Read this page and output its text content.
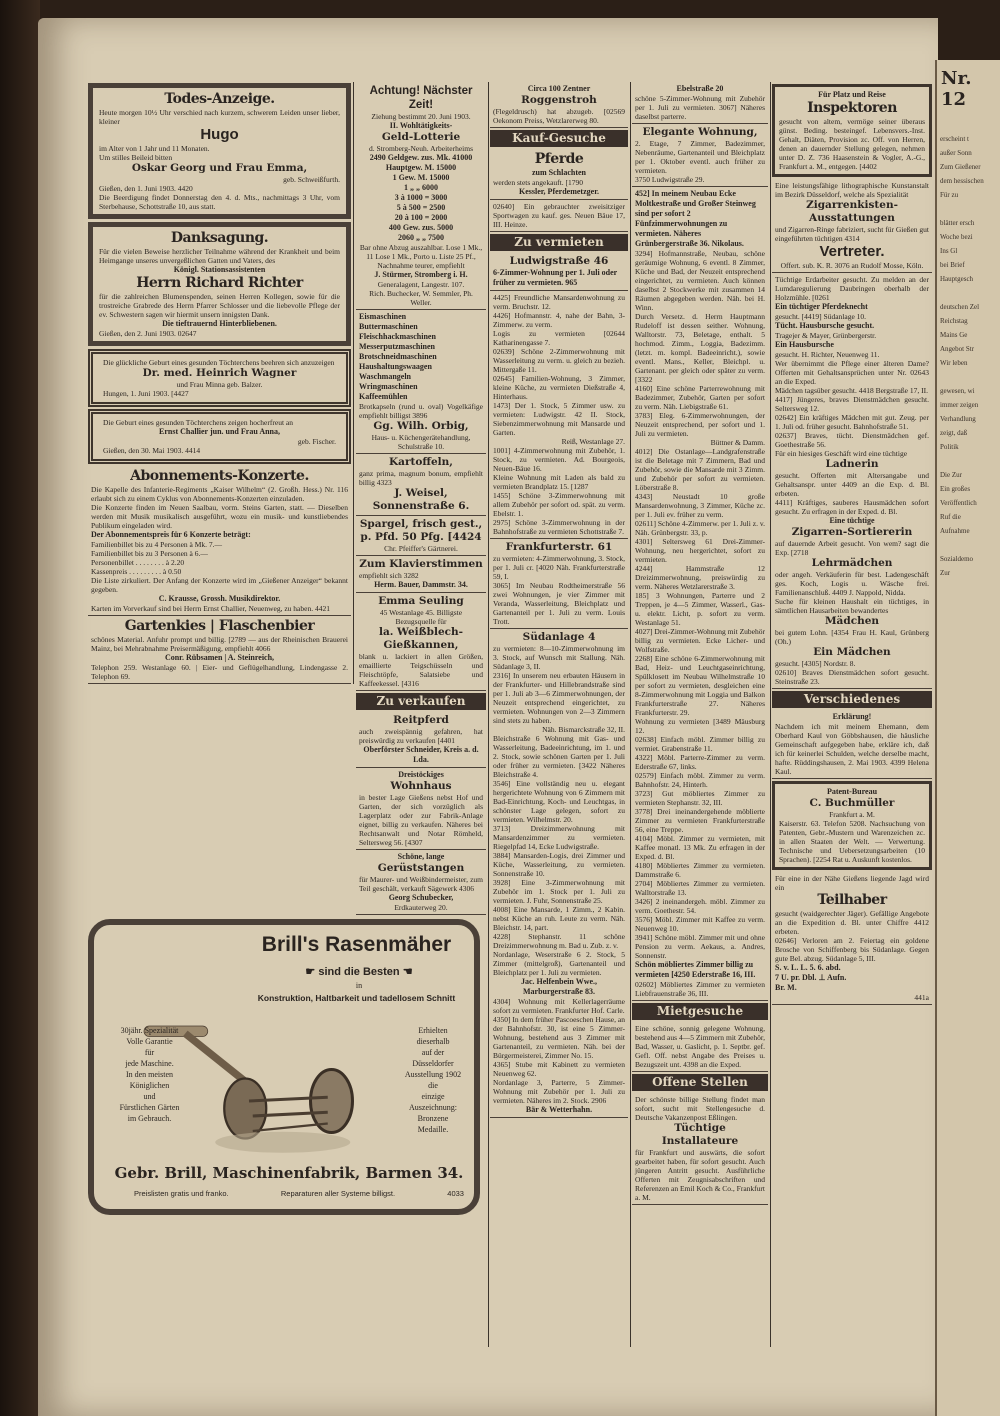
Nr. 12
erscheint t
außer Sonn
Zum Gießener
dem hessischen
Für zu
blätter ersch
Woche bezi
Ins Gl
bei Brief
Hauptgesch
deutschen Zel
Reichstag
Mains Ge
Angebot Str
Wir leben
gewesen, wi
immer zeigen
Verhandlung
zeigt, daß
Politik
Die Zur
Ein großes
Veröffentlich
Ruf die
Aufnahme
Sozialdemo
Zur
Todes-Anzeige.
Heute morgen 10½ Uhr verschied nach kurzem, schwerem Leiden unser lieber, kleiner
Hugo
im Alter von 1 Jahr und 11 Monaten.
Um stilles Beileid bitten
Oskar Georg und Frau Emma,
geb. Schweißfurth.
Gießen, den 1. Juni 1903. 4420
Die Beerdigung findet Donnerstag den 4. d. Mts., nachmittags 3 Uhr, vom Sterbehause, Schottstraße 10, aus statt.
Danksagung.
Für die vielen Beweise herzlicher Teilnahme während der Krankheit und beim Heimgange unseres unvergeßlichen Gatten und Vaters, des
Königl. Stationsassistenten
Herrn Richard Richter
für die zahlreichen Blumenspenden, seinen Herren Kollegen, sowie für die trostreiche Grabrede des Herrn Pfarrer Schlosser und die liebevolle Pflege der ev. Schwestern sagen wir hiermit unsern innigsten Dank.
Die tieftrauernd Hinterbliebenen.
Gießen, den 2. Juni 1903. 02647
Die glückliche Geburt eines gesunden Töchterchens beehren sich anzuzeigen
Dr. med. Heinrich Wagner
und Frau Minna geb. Balzer.
Hungen, 1. Juni 1903. [4427
Die Geburt eines gesunden Töchterchens zeigen hocherfreut an
Ernst Challier jun. und Frau Anna,
geb. Fischer.
Gießen, den 30. Mai 1903. 4414
Abonnements-Konzerte.
Die Kapelle des Infanterie-Regiments „Kaiser Wilhelm“ (2. Großh. Hess.) Nr. 116 erlaubt sich zu einem Cyklus von Abonnements-Konzerten einzuladen.
Die Konzerte finden im Neuen Saalbau, vorm. Steins Garten, statt. — Dieselben werden mit Musik musikalisch ausgeführt, wozu ein musik- und kunstliebendes Publikum eingeladen wird.
Der Abonnementspreis für 6 Konzerte beträgt:
Familienbillet bis zu 4 Personen à Mk. 7.—
Familienbillet bis zu 3 Personen à 6.—
Personenbillet . . . . . . . . à 2.20
Kassenpreis . . . . . . . . . à 0.50
Die Liste zirkuliert. Der Anfang der Konzerte wird im „Gießener Anzeiger“ bekannt gegeben.
C. Krausse, Grossh. Musikdirektor.
Karten im Vorverkauf sind bei Herrn Ernst Challier, Neuenweg, zu haben. 4421
Gartenkies | Flaschenbier
schönes Material. Anfuhr prompt und billig. [2789 — aus der Rheinischen Brauerei Mainz, bei Mehrabnahme Preisermäßigung, empfiehlt 4066
Conr. Rübsamen | A. Steinreich,
Telephon 259. Westanlage 60. | Eier- und Geflügelhandlung, Lindengasse 2. Telephon 69.
Achtung! Nächster Zeit!
Ziehung bestimmt 20. Juni 1903.
II. Wohltätigkeits-
Geld-Lotterie
d. Stromberg-Neuh. Arbeiterheims
2490 Geldgew. zus. Mk. 41000
Hauptgew. M. 15000
1 Gew. M. 15000
1 „ „ 6000
3 à 1000 = 3000
5 à 500 = 2500
20 à 100 = 2000
400 Gew. zus. 5000
2060 „ „ 7500
Bar ohne Abzug auszahlbar. Lose 1 Mk., 11 Lose 1 Mk., Porto u. Liste 25 Pf., Nachnahme teurer, empfiehlt
J. Stürmer, Stromberg i. H.
Generalagent, Langestr. 107.
Rich. Buchecker, W. Semmler, Ph. Weller.
Eismaschinen
Buttermaschinen
Fleischhackmaschinen
Messerputzmaschinen
Brotschneidmaschinen
Haushaltungswaagen
Waschmangeln
Wringmaschinen
Kaffeemühlen
Brotkapseln (rund u. oval) Vogelkäfige empfiehlt billigst 3896
Gg. Wilh. Orbig,
Haus- u. Küchengerätehandlung, Schulstraße 10.
Kartoffeln,
ganz prima, magnum bonum, empfiehlt billig 4323
J. Weisel, Sonnenstraße 6.
Spargel, frisch gest., p. Pfd. 50 Pfg. [4424
Chr. Pfeiffer's Gärtnerei.
Zum Klavierstimmen
empfiehlt sich 3282
Herm. Bauer, Dammstr. 34.
Emma Seuling
45 Westanlage 45. Billigste Bezugsquelle für
la. Weißblech-Gießkannen,
blank u. lackiert in allen Größen, emaillierte Teigschüsseln und Fleischtöpfe, Salatsiebe und Kaffeekessel. [4316
Zu verkaufen
Reitpferd
auch zweispännig gefahren, hat preiswürdig zu verkaufen [4401
Oberförster Schneider, Kreis a. d. Lda.
Dreistöckiges
Wohnhaus
in bester Lage Gießens nebst Hof und Garten, der sich vorzüglich als Lagerplatz oder zur Fabrik-Anlage eignet, billig zu verkaufen. Näheres bei Rechtsanwalt und Notar Römheld, Seltersweg 56. [4307
Schöne, lange
Gerüststangen
für Maurer- und Weißbindermeister, zum Teil geschält, verkauft Sägewerk 4306
Georg Schubecker,
Erdkauterweg 20.
Brill's Rasenmäher
☛ sind die Besten ☚
in
Konstruktion, Haltbarkeit und tadellosem Schnitt
30jähr. Spezialität
Volle Garantie
für
jede Maschine.
In den meisten
Königlichen
und
Fürstlichen Gärten
im Gebrauch.
Erhielten
dieserhalb
auf der
Düsseldorfer
Ausstellung 1902
die
einzige
Auszeichnung:
Bronzene
Medaille.
Gebr. Brill, Maschinenfabrik, Barmen 34.
Preislisten gratis und franko.	Reparaturen aller Systeme billigst.	4033
Circa 100 Zentner
Roggenstroh
(Flegeldrusch) hat abzugeb. [02569 Oekonom Preiss, Wetzlarerweg 80.
Kauf-Gesuche
Pferde
zum Schlachten
werden stets angekauft. [1790
Kessler, Pferdemetzger.
02640] Ein gebrauchter zweisitziger Sportwagen zu kauf. ges. Neuen Bäue 17, III. Heinze.
Zu vermieten
Ludwigstraße 46
6-Zimmer-Wohnung per 1. Juli oder früher zu vermieten. 965
4425] Freundliche Mansardenwohnung zu verm. Bruchstr. 12.
4426] Hofmannstr. 4, nahe der Bahn, 3-Zimmerw. zu verm.
Logis zu vermieten [02644 Katharinengasse 7.
02639] Schöne 2-Zimmerwohnung mit Wasserleitung zu verm. u. gleich zu bezieh. Mittergaße 11.
02645] Familien-Wohnung, 3 Zimmer, kleine Küche, zu vermieten Dießstraße 4, Hinterhaus.
1473] Der 1. Stock, 5 Zimmer usw. zu vermieten: Ludwigstr. 42 II. Stock, Siebenzimmerwohnung mit Mansarde und Garten.
Reiß, Westanlage 27.
1001] 4-Zimmerwohnung mit Zubehör, 1. Stock, zu vermieten. Ad. Bourgeois, Neuen-Bäue 16.
Kleine Wohnung mit Laden als bald zu vermieten Brandplatz 15. [1287
1455] Schöne 3-Zimmerwohnung mit allem Zubehör per sofort od. spät. zu verm. Ebelstr. 1.
2975] Schöne 3-Zimmerwohnung in der Bahnhofstraße zu vermieten Schottstraße 7.
Frankfurterstr. 61
zu vermieten: 4-Zimmerwohnung, 3. Stock, per 1. Juli cr. [4020 Näh. Frankfurterstraße 59, I.
3065] Im Neubau Rodtheimerstraße 56 zwei Wohnungen, je vier Zimmer mit Veranda, Wasserleitung, Bleichplatz und Gartenanteil per 1. Juli zu verm. Louis Trott.
Südanlage 4
zu vermieten: 8—10-Zimmerwohnung im 3. Stock, auf Wunsch mit Stallung. Näh. Südanlage 3, II.
2316] In unserem neu erbauten Häusern in der Frankfurter- und Hillebrandstraße sind per 1. Juli ab 3—6 Zimmerwohnungen, der Neuzeit entsprechend eingerichtet, zu vermieten. Wohnungen von 2—3 Zimmern sind stets zu haben.
Näh. Bismarckstraße 32, II.
Bleichstraße 6 Wohnung mit Gas- und Wasserleitung, Badeeinrichtung, im 1. und 2. Stock, sowie schönen Garten per 1. Juli oder früher zu vermieten. [3422 Näheres Bleichstraße 4.
3546] Eine vollständig neu u. elegant hergerichtete Wohnung von 6 Zimmern mit Bad-Einrichtung, Koch- und Leuchtgas, in schönster Lage gelegen, sofort zu vermieten. Wilhelmstr. 20.
3713] Dreizimmerwohnung mit Mansardenzimmer zu vermieten. Riegelpfad 14, Ecke Ludwigstraße.
3884] Mansarden-Logis, drei Zimmer und Küche, Wasserleitung, zu vermieten. Sonnenstraße 10.
3928] Eine 3-Zimmerwohnung mit Zubehör im 1. Stock per 1. Juli zu vermieten. J. Fuhr, Sonnenstraße 25.
4008] Eine Mansarde, 1 Zimm., 2 Kabin. nebst Küche an ruh. Leute zu verm. Näh. Bleichstr. 14, part.
4228] Stephanstr. 11 schöne Dreizimmerwohnung m. Bad u. Zub. z. v.
Nordanlage, Weserstraße 6 2. Stock, 5 Zimmer (mittelgroß), Gartenanteil und Bleichplatz per 1. Juli zu vermieten.
Jac. Helfenbein Wwe., Marburgerstraße 83.
4304] Wohnung mit Kellerlagerräume sofort zu vermieten. Frankfurter Hof. Carle.
4350] In dem früher Pascoeschen Hause, an der Bahnhofstr. 30, ist eine 5 Zimmer-Wohnung, bestehend aus 3 Zimmer mit Gartenanteil, zu vermieten. Näh. bei der Bürgermeisterei, Zimmer No. 15.
4365] Stube mit Kabinett zu vermieten Neuenweg 62.
Nordanlage 3, Parterre, 5 Zimmer-Wohnung mit Zubehör per 1. Juli zu vermieten. Näheres im 2. Stock. 2906
Bär & Wetterhahn.
Ebelstraße 20
schöne 5-Zimmer-Wohnung mit Zubehör per 1. Juli zu vermieten. 3067] Näheres daselbst parterre.
Elegante Wohnung,
2. Etage, 7 Zimmer, Badezimmer, Nebenräume, Gartenanteil und Bleichplatz per 1. Oktober eventl. auch früher zu vermieten.
3750 Ludwigstraße 29.
452] In meinem Neubau Ecke Moltkestraße und Großer Steinweg sind per sofort 2 Fünfzimmerwohnungen zu vermieten. Näheres Grünbergerstraße 36. Nikolaus.
3294] Hofmannstraße, Neubau, schöne geräumige Wohnung, 6 eventl. 8 Zimmer, Küche und Bad, der Neuzeit entsprechend eingerichtet, zu vermieten. Auch können daselbst 2 Stockwerke mit zusammen 14 Räumen abgegeben werden. Näh. bei H. Winn.
Durch Versetz. d. Herrn Hauptmann Rudeloff ist dessen seither. Wohnung, Walltorstr. 73, Beletage, enthalt. 5 hochmod. Zimm., Loggia, Badezimm. (letzt. m. kompl. Badeeinricht.), sowie eventl. Mans., Keller, Bleichpl. u. Gartenant. per gleich oder später zu verm. [3322
4160] Eine schöne Parterrewohnung mit Badezimmer, Zubehör, Garten per sofort zu verm. Näh. Liebigstraße 61.
3783] Eleg. 6-Zimmerwohnungen, der Neuzeit entsprechend, per sofort und 1. Juli zu vermieten.
Büttner & Damm.
4012] Die Ostanlage—Landgrafenstraße ist die Beletage mit 7 Zimmern, Bad und Zubehör, sowie die Mansarde mit 3 Zimm. und Zubehör per sofort zu vermieten. Löberstraße 8.
4343] Neustadt 10 große Mansardenwohnung, 3 Zimmer, Küche zc. per 1. Juli ev. früher zu verm.
02611] Schöne 4-Zimmerw. per 1. Juli z. v. Näh. Grünbergstr. 33, p.
4301] Seltersweg 61 Drei-Zimmer-Wohnung, neu hergerichtet, sofort zu vermieten.
4244] Hammstraße 12 Dreizimmerwohnung, preiswürdig zu verm. Näheres Wetzlarerstraße 3.
185] 3 Wohnungen, Parterre und 2 Treppen, je 4—5 Zimmer, Wasserl., Gas- u. elektr. Licht, p. sofort zu verm. Westanlage 51.
4027] Drei-Zimmer-Wohnung mit Zubehör billig zu vermieten. Ecke Licher- und Wolfstraße.
2268] Eine schöne 6-Zimmerwohnung mit Bad, Heiz- und Leuchtgaseinrichtung, Spülklosett im Neubau Wilhelmstraße 10 per sofort zu vermieten, desgleichen eine 8-Zimmerwohnung mit Loggia und Balkon Frankfurterstraße 27. Näheres Frankfurterstr. 29.
Wohnung zu vermieten [3489 Mäusburg 12.
02638] Einfach möbl. Zimmer billig zu vermiet. Grabenstraße 11.
4322] Möbl. Parterre-Zimmer zu verm. Ederstraße 67, links.
02579] Einfach möbl. Zimmer zu verm. Bahnhofstr. 24, Hinterh.
3723] Gut möbliertes Zimmer zu vermieten Stephanstr. 32, III.
3778] Drei ineinandergehende möblierte Zimmer zu vermieten Frankfurterstraße 56, eine Treppe.
4104] Möbl. Zimmer zu vermieten, mit Kaffee monatl. 13 Mk. Zu erfragen in der Exped. d. Bl.
4180] Möbliertes Zimmer zu vermieten. Dammstraße 6.
2704] Möbliertes Zimmer zu vermieten. Walltorstraße 13.
3426] 2 ineinandergeh. möbl. Zimmer zu verm. Goethestr. 54.
3576] Möbl. Zimmer mit Kaffee zu verm. Neuenweg 10.
3941] Schöne möbl. Zimmer mit und ohne Pension zu verm. Aekaus, a. Andres, Sonnenstr.
Schön möbliertes Zimmer billig zu vermieten [4250 Ederstraße 16, III.
02602] Möbliertes Zimmer zu vermieten Liebfrauenstraße 36, III.
Mietgesuche
Eine schöne, sonnig gelegene Wohnung, bestehend aus 4—5 Zimmern mit Zubehör, Bad, Wasser, u. Gaslicht, p. 1. Septbr. gef. Gefl. Off. nebst Angabe des Preises u. Bezugszeit unt. 4398 an die Exped.
Offene Stellen
Der schönste billige Stellung findet man sofort, sucht mit Stellengesuche d. Deutsche Vakanzenpost Eßlingen.
Tüchtige Installateure
für Frankfurt und auswärts, die sofort gearbeitet haben, für sofort gesucht. Auch jüngeren Antritt gesucht. Ausführliche Offerten mit Zeugnisabschriften und Referenzen an Emil Koch & Co., Frankfurt a. M.
Für Platz und Reise
Inspektoren
gesucht von altem, vermöge seiner überaus günst. Beding. besteingef. Lebensvers.-Inst. Gehalt, Diäten, Provision zc. Off. von Herren, denen an dauernder Stellung gelegen, nehmen unter D. Z. 736 Haasenstein & Vogler, A.-G., Frankfurt a. M., entgegen. [4402
Eine leistungsfähige lithographische Kunstanstalt im Bezirk Düsseldorf, welche als Spezialität
Zigarrenkisten-Ausstattungen
und Zigarren-Ringe fabriziert, sucht für Gießen gut eingeführten tüchtigen 4314
Vertreter.
Offert. sub. K. R. 3076 an Rudolf Mosse, Köln.
Tüchtige Erdarbeiter gesucht. Zu melden an der Lumdaregulierung Daubringen oberhalb der Holzmühle. [0261
Ein tüchtiger Pferdeknecht
gesucht. [4419] Südanlage 10.
Tücht. Hausbursche gesucht.
Tragejer & Mayer, Grünbergerstr.
Ein Hausbursche
gesucht. H. Richter, Neuenweg 11.
Wer übernimmt die Pflege einer älteren Dame? Offerten mit Gehaltsansprüchen unter Nr. 02643 an die Exped.
Mädchen tagsüber gesucht. 4418 Bergstraße 17, II.
4417] Jüngeres, braves Dienstmädchen gesucht. Seltersweg 12.
02642] Ein kräftiges Mädchen mit gut. Zeug. per 1. Juli od. früher gesucht. Bahnhofstraße 51.
02637] Braves, tücht. Dienstmädchen gef. Goethestraße 56.
Für ein hiesiges Geschäft wird eine tüchtige
Ladnerin
gesucht. Offerten mit Altersangabe und Gehaltsanspr. unter 4409 an die Exp. d. Bl. erbeten.
4411] Kräftiges, sauberes Hausmädchen sofort gesucht. Zu erfragen in der Exped. d. Bl.
Eine tüchtige
Zigarren-Sortiererin
auf dauernde Arbeit gesucht. Von wem? sagt die Exp. [2718
Lehrmädchen
oder angeh. Verkäuferin für best. Ladengeschäft ges. Koch, Logis u. Wäsche frei. Familienanschluß. 4409 J. Nappold, Nidda.
Suche für kleinen Haushalt ein tüchtiges, in sämtlichen Hausarbeiten bewandertes
Mädchen
bei gutem Lohn. [4354 Frau H. Kaul, Grünberg (Oh.)
Ein Mädchen
gesucht. [4305] Nordstr. 8.
02610] Braves Dienstmädchen sofort gesucht. Steinstraße 23.
Verschiedenes
Erklärung!
Nachdem ich mit meinem Ehemann, dem Oberhard Kaul von Göbbshausen, die häusliche Gemeinschaft aufgegeben habe, erkläre ich, daß ich für keinerlei Schulden, welche derselbe macht, hafte. Rüddingshausen, 2. Mai 1903. 4399 Helena Kaul.
Patent-Bureau
C. Buchmüller
Frankfurt a. M.
Kaiserstr. 63. Telefon 5208. Nachsuchung von Patenten, Gebr.-Mustern und Warenzeichen zc. in allen Staaten der Welt. — Verwertung. Technische und Uebersetzungsarbeiten (10 Sprachen). [2254 Rat u. Auskunft kostenlos.
Für eine in der Nähe Gießens liegende Jagd wird ein
Teilhaber
gesucht (waidgerechter Jäger). Gefällige Angebote an die Expedition d. Bl. unter Chiffre 4412 erbeten.
02646] Verloren am 2. Feiertag ein goldene Brosche von Schiffenberg bis Südanlage. Gegen gute Bel. abzug. Südanlage 5, III.
S. v. L. L. 5. 6. abd.
7 U. pr. Dbl. ⊥ Aufn.
Br. M.
441a
